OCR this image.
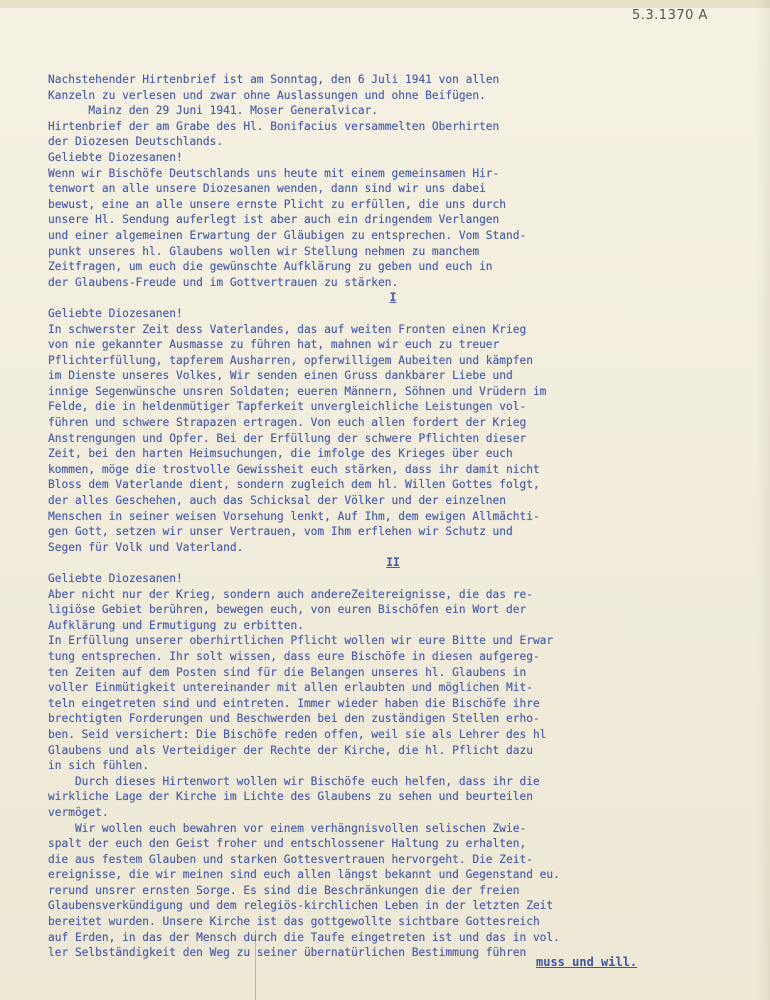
5.3.1370 A
Nachstehender Hirtenbrief ist am Sonntag, den 6 Juli 1941 von allen
Kanzeln zu verlesen und zwar ohne Auslassungen und ohne Beifügen.
Mainz den 29 Juni 1941. Moser Generalvicar.
Hirtenbrief der am Grabe des Hl. Bonifacius versammelten Oberhirten
der Diozesen Deutschlands.
Geliebte Diozesanen!
Wenn wir Bischöfe Deutschlands uns heute mit einem gemeinsamen Hir-
tenwort an alle unsere Diozesanen wenden, dann sind wir uns dabei
bewust, eine an alle unsere ernste Plicht zu erfüllen, die uns durch
unsere Hl. Sendung auferlegt ist aber auch ein dringendem Verlangen
und einer algemeinen Erwartung der Gläubigen zu entsprechen. Vom Stand-
punkt unseres hl. Glaubens wollen wir Stellung nehmen zu manchem
Zeitfragen, um euch die gewünschte Aufklärung zu geben und euch in
der Glaubens-Freude und im Gottvertrauen zu stärken.
I
Geliebte Diozesanen!
In schwerster Zeit dess Vaterlandes, das auf weiten Fronten einen Krieg
von nie gekannter Ausmasse zu führen hat, mahnen wir euch zu treuer
Pflichterfüllung, tapferem Ausharren, opferwilligem Aubeiten und kämpfen
im Dienste unseres Volkes, Wir senden einen Gruss dankbarer Liebe und
innige Segenwünsche unsren Soldaten; eueren Männern, Söhnen und Vrüdern im
Felde, die in heldenmütiger Tapferkeit unvergleichliche Leistungen vol-
führen und schwere Strapazen ertragen. Von euch allen fordert der Krieg
Anstrengungen und Opfer. Bei der Erfüllung der schwere Pflichten dieser
Zeit, bei den harten Heimsuchungen, die imfolge des Krieges über euch
kommen, möge die trostvolle Gewissheit euch stärken, dass ihr damit nicht
Bloss dem Vaterlande dient, sondern zugleich dem hl. Willen Gottes folgt,
der alles Geschehen, auch das Schicksal der Völker und der einzelnen
Menschen in seiner weisen Vorsehung lenkt, Auf Ihm, dem ewigen Allmächti-
gen Gott, setzen wir unser Vertrauen, vom Ihm erflehen wir Schutz und
Segen für Volk und Vaterland.
II
Geliebte Diozesanen!
Aber nicht nur der Krieg, sondern auch andereZeitereignisse, die das re-
ligiöse Gebiet berühren, bewegen euch, von euren Bischöfen ein Wort der
Aufklärung und Ermutigung zu erbitten.
In Erfüllung unserer oberhirtlichen Pflicht wollen wir eure Bitte und Erwar
tung entsprechen. Ihr solt wissen, dass eure Bischöfe in diesen aufgereg-
ten Zeiten auf dem Posten sind für die Belangen unseres hl. Glaubens in
voller Einmütigkeit untereinander mit allen erlaubten und möglichen Mit-
teln eingetreten sind und eintreten. Immer wieder haben die Bischöfe ihre
brechtigten Forderungen und Beschwerden bei den zuständigen Stellen erho-
ben. Seid versichert: Die Bischöfe reden offen, weil sie als Lehrer des hl
Glaubens und als Verteidiger der Rechte der Kirche, die hl. Pflicht dazu
in sich fühlen.
Durch dieses Hirtenwort wollen wir Bischöfe euch helfen, dass ihr die
wirkliche Lage der Kirche im Lichte des Glaubens zu sehen und beurteilen
vermöget.
Wir wollen euch bewahren vor einem verhängnisvollen selischen Zwie-
spalt der euch den Geist froher und entschlossener Haltung zu erhalten,
die aus festem Glauben und starken Gottesvertrauen hervorgeht. Die Zeit-
ereignisse, die wir meinen sind euch allen längst bekannt und Gegenstand eu.
rerund unsrer ernsten Sorge. Es sind die Beschränkungen die der freien
Glaubensverkündigung und dem relegiös-kirchlichen Leben in der letzten Zeit
bereitet wurden. Unsere Kirche ist das gottgewollte sichtbare Gottesreich
auf Erden, in das der Mensch durch die Taufe eingetreten ist und das in vol.
ler Selbständigkeit den Weg zu seiner übernatürlichen Bestimmung führen
muss und will.
